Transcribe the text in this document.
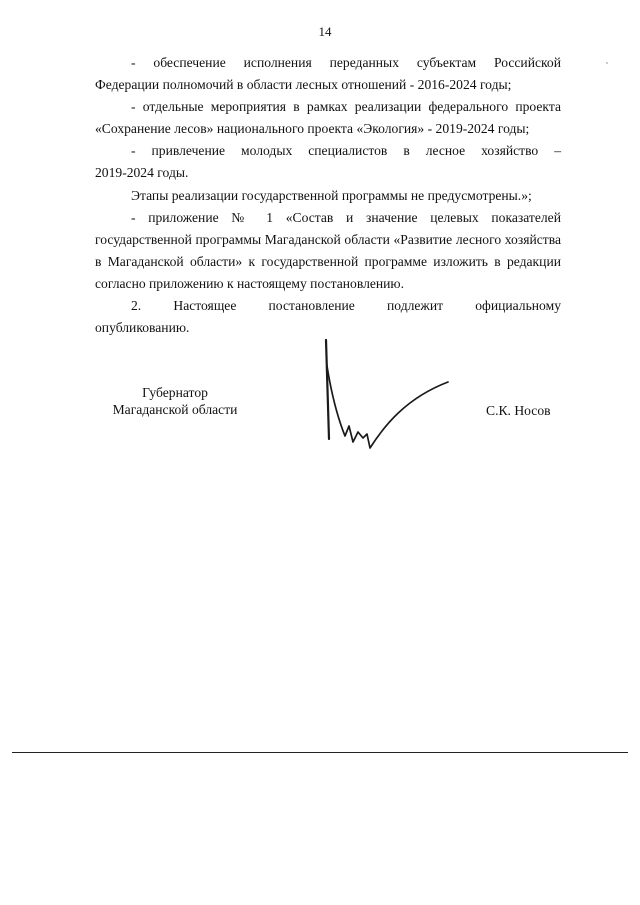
14

- обеспечение исполнения переданных субъектам Российской

Федерации полномочий в области лесных отношений - 2016-2024 годы;

- отдельные мероприятия в рамках реализации федерального проекта

«Сохранение лесов» национального проекта «Экология» - 2019-2024 годы;

- привлечение молодых специалистов в лесное хозяйство –

2019-2024 годы.

Этапы реализации государственной программы не предусмотрены.»;

- приложение № 1 «Состав и значение целевых показателей

государственной программы Магаданской области «Развитие лесного хозяйства в Магаданской области» к государственной программе изложить в редакции согласно приложению к настоящему постановлению.

2. Настоящее постановление подлежит официальному

опубликованию.

Губернатор
Магаданской области	С.К. Носов
